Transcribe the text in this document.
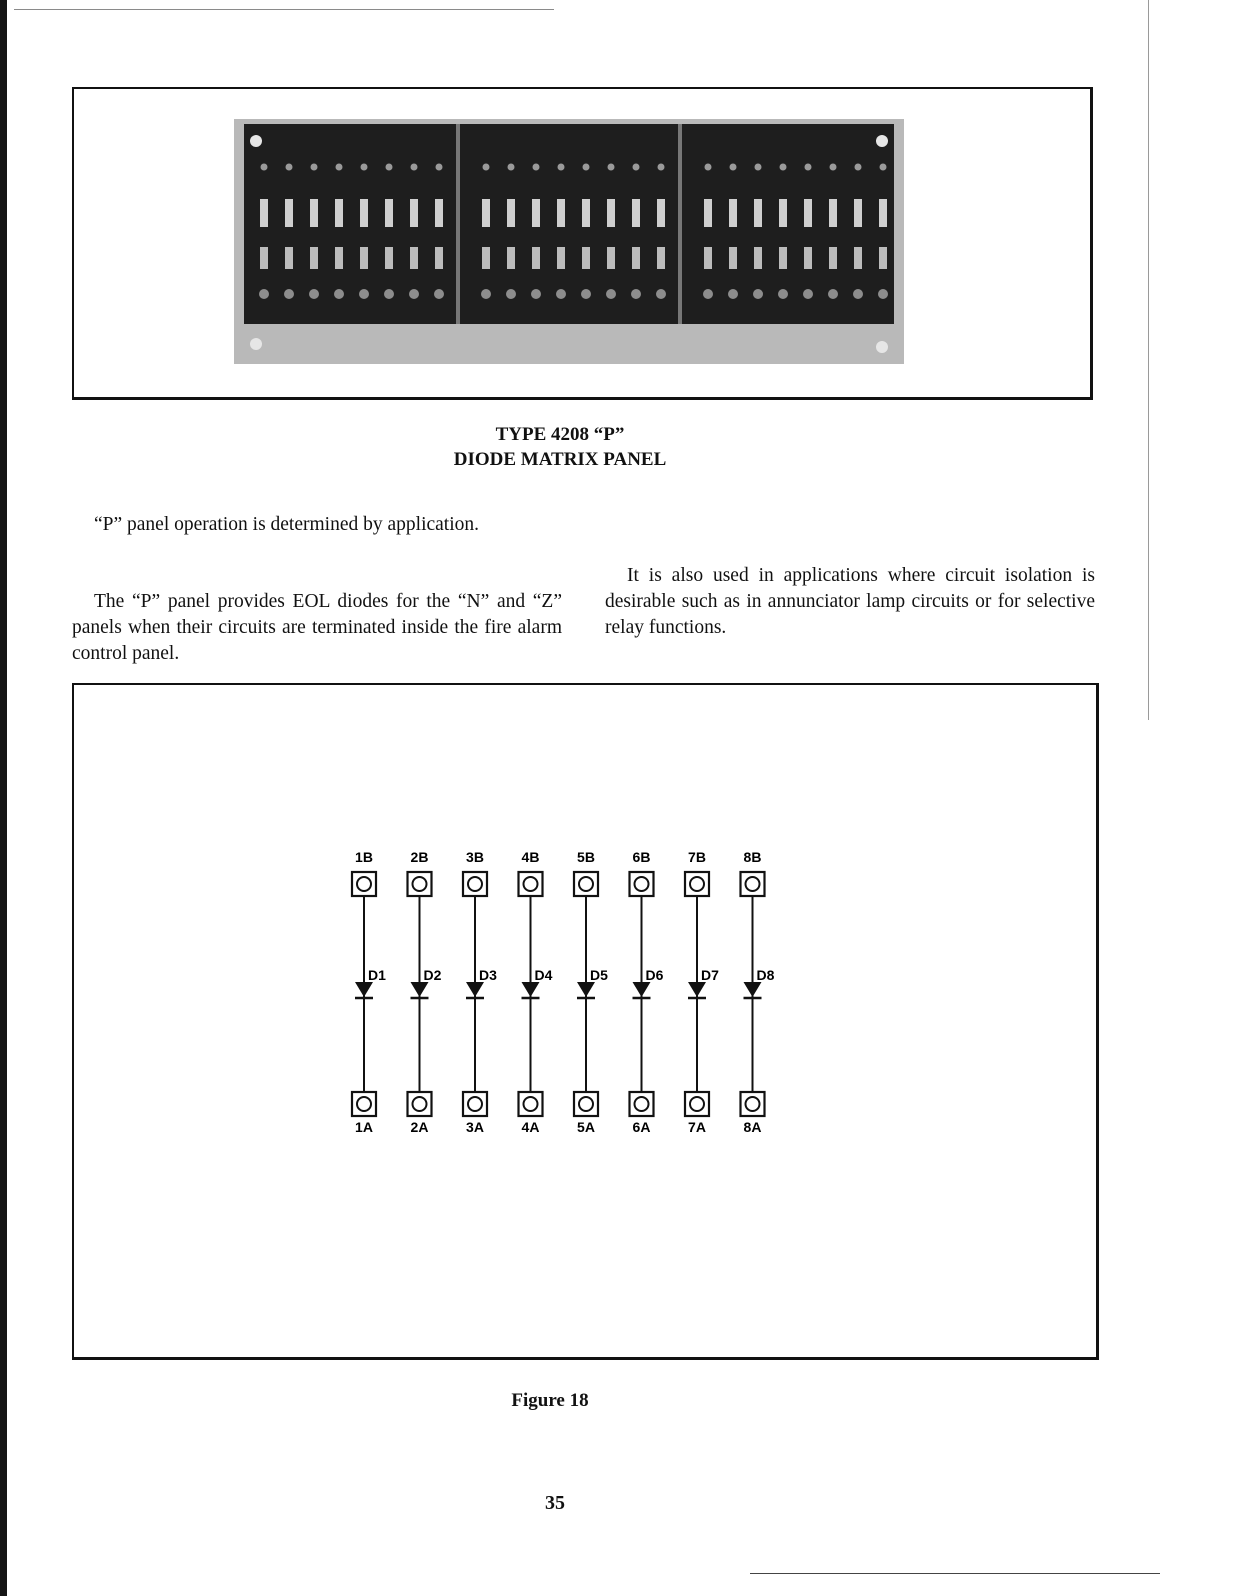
TYPE 4208 “P”
DIODE MATRIX PANEL

“P” panel operation is determined by application.

The “P” panel provides EOL diodes for the “N” and “Z” panels when their circuits are terminated inside the fire alarm control panel.

It is also used in applications where circuit isolation is desirable such as in annunciator lamp circuits or for selective relay functions.

1B
D1
1A
2B
D2
2A
3B
D3
3A
4B
D4
4A
5B
D5
5A
6B
D6
6A
7B
D7
7A
8B
D8
8A
Figure 18
35
